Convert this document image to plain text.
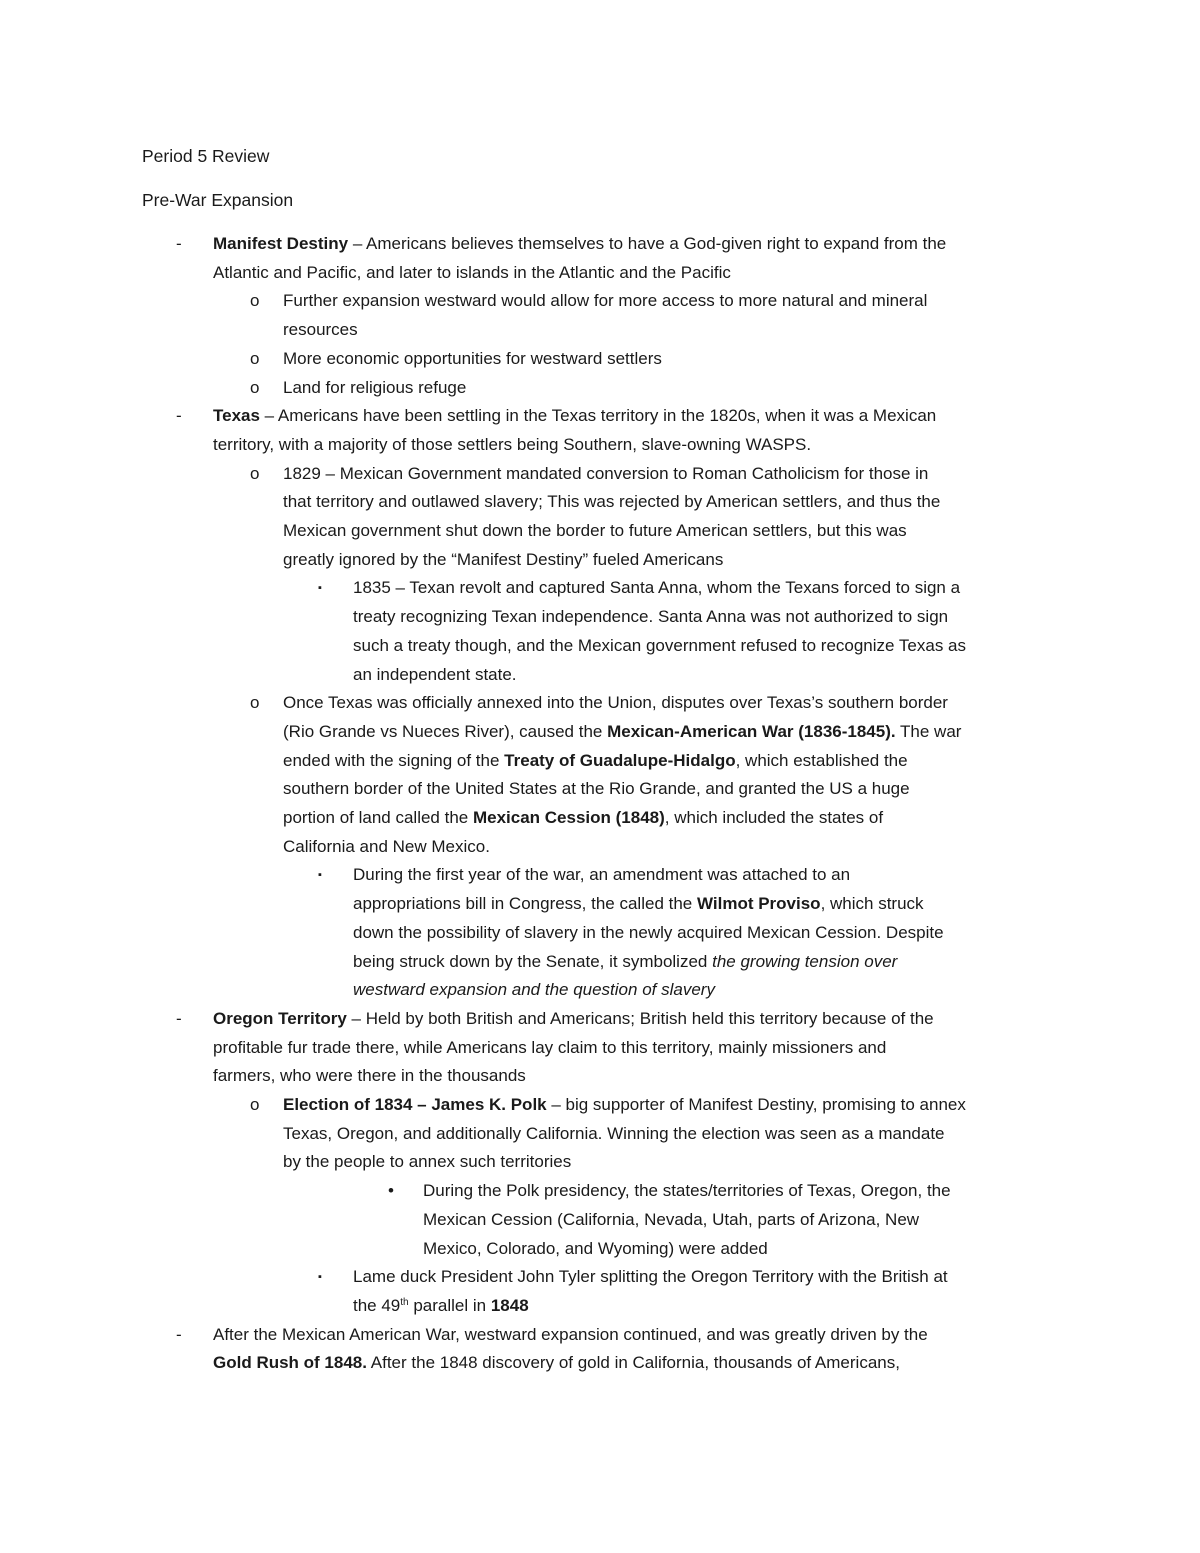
Period 5 Review
Pre-War Expansion
- Manifest Destiny – Americans believes themselves to have a God-given right to expand from the
Atlantic and Pacific, and later to islands in the Atlantic and the Pacific
o Further expansion westward would allow for more access to more natural and mineral
resources
o More economic opportunities for westward settlers
o Land for religious refuge
- Texas – Americans have been settling in the Texas territory in the 1820s, when it was a Mexican
territory, with a majority of those settlers being Southern, slave-owning WASPS.
o 1829 – Mexican Government mandated conversion to Roman Catholicism for those in
that territory and outlawed slavery; This was rejected by American settlers, and thus the
Mexican government shut down the border to future American settlers, but this was
greatly ignored by the “Manifest Destiny” fueled Americans
▪ 1835 – Texan revolt and captured Santa Anna, whom the Texans forced to sign a
treaty recognizing Texan independence. Santa Anna was not authorized to sign
such a treaty though, and the Mexican government refused to recognize Texas as
an independent state.
o Once Texas was officially annexed into the Union, disputes over Texas’s southern border
(Rio Grande vs Nueces River), caused the Mexican-American War (1836-1845). The war
ended with the signing of the Treaty of Guadalupe-Hidalgo, which established the
southern border of the United States at the Rio Grande, and granted the US a huge
portion of land called the Mexican Cession (1848), which included the states of
California and New Mexico.
▪ During the first year of the war, an amendment was attached to an
appropriations bill in Congress, the called the Wilmot Proviso, which struck
down the possibility of slavery in the newly acquired Mexican Cession. Despite
being struck down by the Senate, it symbolized the growing tension over
westward expansion and the question of slavery
- Oregon Territory – Held by both British and Americans; British held this territory because of the
profitable fur trade there, while Americans lay claim to this territory, mainly missioners and
farmers, who were there in the thousands
o Election of 1834 – James K. Polk – big supporter of Manifest Destiny, promising to annex
Texas, Oregon, and additionally California. Winning the election was seen as a mandate
by the people to annex such territories
• During the Polk presidency, the states/territories of Texas, Oregon, the
Mexican Cession (California, Nevada, Utah, parts of Arizona, New
Mexico, Colorado, and Wyoming) were added
▪ Lame duck President John Tyler splitting the Oregon Territory with the British at
the 49th parallel in 1848
- After the Mexican American War, westward expansion continued, and was greatly driven by the
Gold Rush of 1848. After the 1848 discovery of gold in California, thousands of Americans,
